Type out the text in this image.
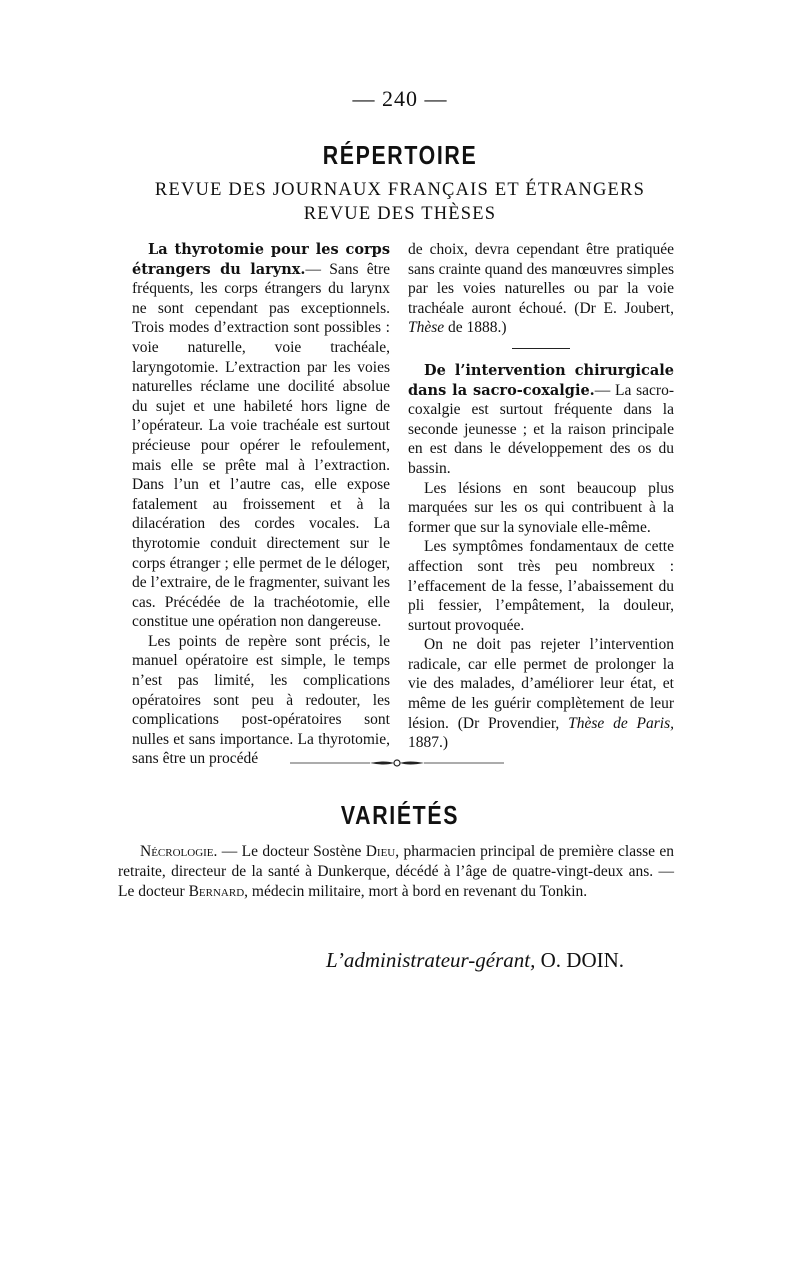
— 240 —
RÉPERTOIRE
REVUE DES JOURNAUX FRANÇAIS ET ÉTRANGERS
REVUE DES THÈSES

La thyrotomie pour les corps étrangers du larynx.— Sans être fréquents, les corps étrangers du larynx ne sont cependant pas exceptionnels. Trois modes d’extraction sont possibles : voie naturelle, voie trachéale, laryngotomie. L’extraction par les voies naturelles réclame une docilité absolue du sujet et une habileté hors ligne de l’opérateur. La voie trachéale est surtout précieuse pour opérer le refoulement, mais elle se prête mal à l’extraction. Dans l’un et l’autre cas, elle expose fatalement au froissement et à la dilacération des cordes vocales. La thyrotomie conduit directement sur le corps étranger ; elle permet de le déloger, de l’extraire, de le fragmenter, suivant les cas. Précédée de la trachéotomie, elle constitue une opération non dangereuse.

Les points de repère sont précis, le manuel opératoire est simple, le temps n’est pas limité, les complications opératoires sont peu à redouter, les complications post-opératoires sont nulles et sans importance. La thyrotomie, sans être un procédé

de choix, devra cependant être pratiquée sans crainte quand des manœuvres simples par les voies naturelles ou par la voie trachéale auront échoué. (Dr E. Joubert, Thèse de 1888.)

De l’intervention chirurgicale dans la sacro-coxalgie.— La sacro-coxalgie est surtout fréquente dans la seconde jeunesse ; et la raison principale en est dans le développement des os du bassin.

Les lésions en sont beaucoup plus marquées sur les os qui contribuent à la former que sur la synoviale elle-même.

Les symptômes fondamentaux de cette affection sont très peu nombreux : l’effacement de la fesse, l’abaissement du pli fessier, l’empâtement, la douleur, surtout provoquée.

On ne doit pas rejeter l’intervention radicale, car elle permet de prolonger la vie des malades, d’améliorer leur état, et même de les guérir complètement de leur lésion. (Dr Provendier, Thèse de Paris, 1887.)

VARIÉTÉS

Nécrologie. — Le docteur Sostène Dieu, pharmacien principal de première classe en retraite, directeur de la santé à Dunkerque, décédé à l’âge de quatre-vingt-deux ans. — Le docteur Bernard, médecin militaire, mort à bord en revenant du Tonkin.

L’administrateur-gérant, O. DOIN.
